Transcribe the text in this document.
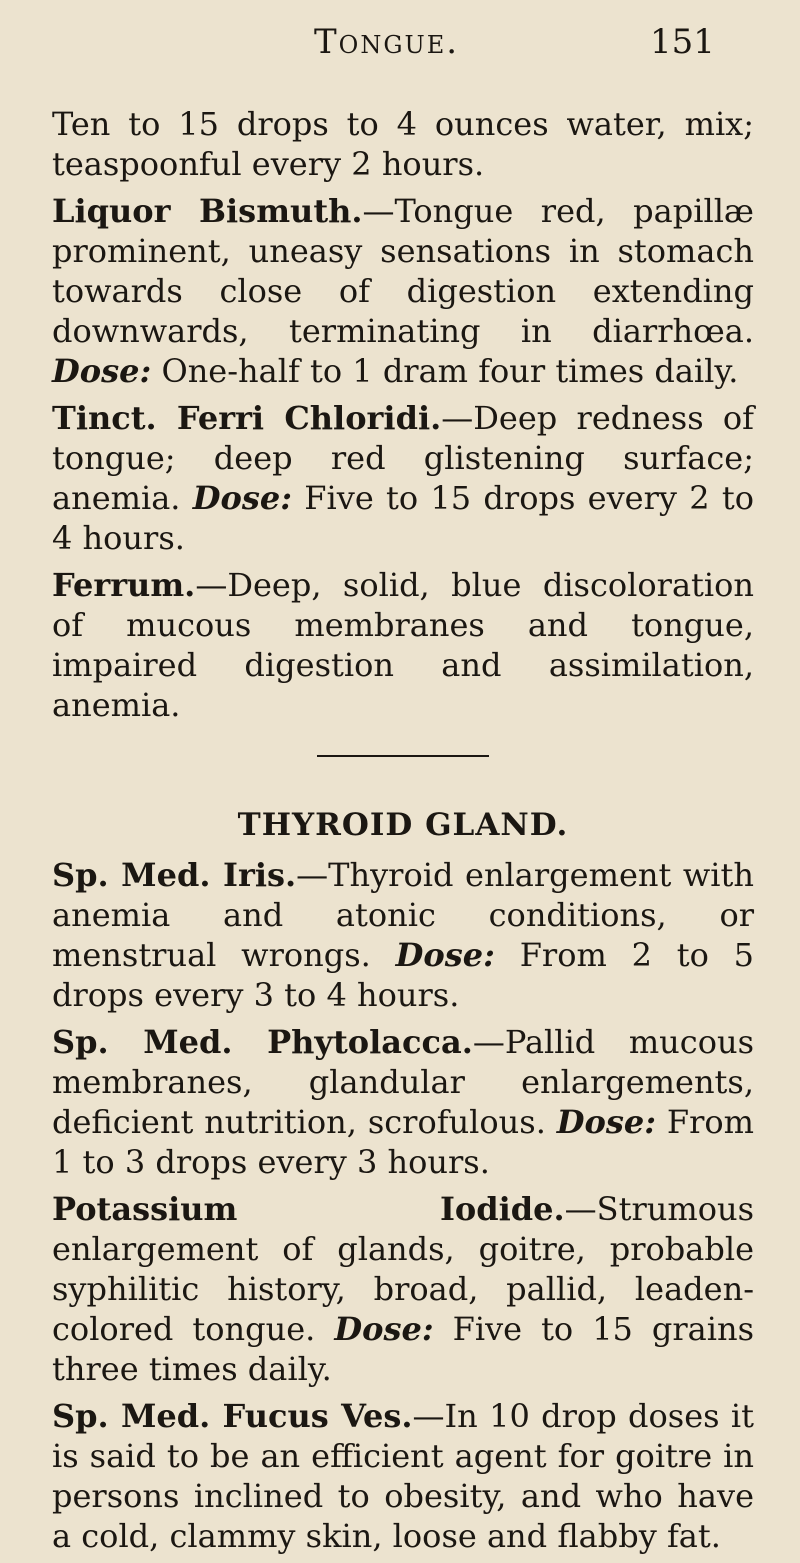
Tongue.	151

Ten to 15 drops to 4 ounces water, mix; teaspoonful every 2 hours.

Liquor Bismuth.—Tongue red, papillæ prominent, uneasy sensations in stomach towards close of digestion extending downwards, terminating in diarrhœa. Dose: One-half to 1 dram four times daily.

Tinct. Ferri Chloridi.—Deep redness of tongue; deep red glistening surface; anemia. Dose: Five to 15 drops every 2 to 4 hours.

Ferrum.—Deep, solid, blue discoloration of mucous membranes and tongue, impaired digestion and assimilation, anemia.

THYROID GLAND.

Sp. Med. Iris.—Thyroid enlargement with anemia and atonic conditions, or menstrual wrongs. Dose: From 2 to 5 drops every 3 to 4 hours.

Sp. Med. Phytolacca.—Pallid mucous membranes, glandular enlargements, deficient nutrition, scrofulous. Dose: From 1 to 3 drops every 3 hours.

Potassium Iodide.—Strumous enlargement of glands, goitre, probable syphilitic history, broad, pallid, leaden-colored tongue. Dose: Five to 15 grains three times daily.

Sp. Med. Fucus Ves.—In 10 drop doses it is said to be an efficient agent for goitre in persons inclined to obesity, and who have a cold, clammy skin, loose and flabby fat.
